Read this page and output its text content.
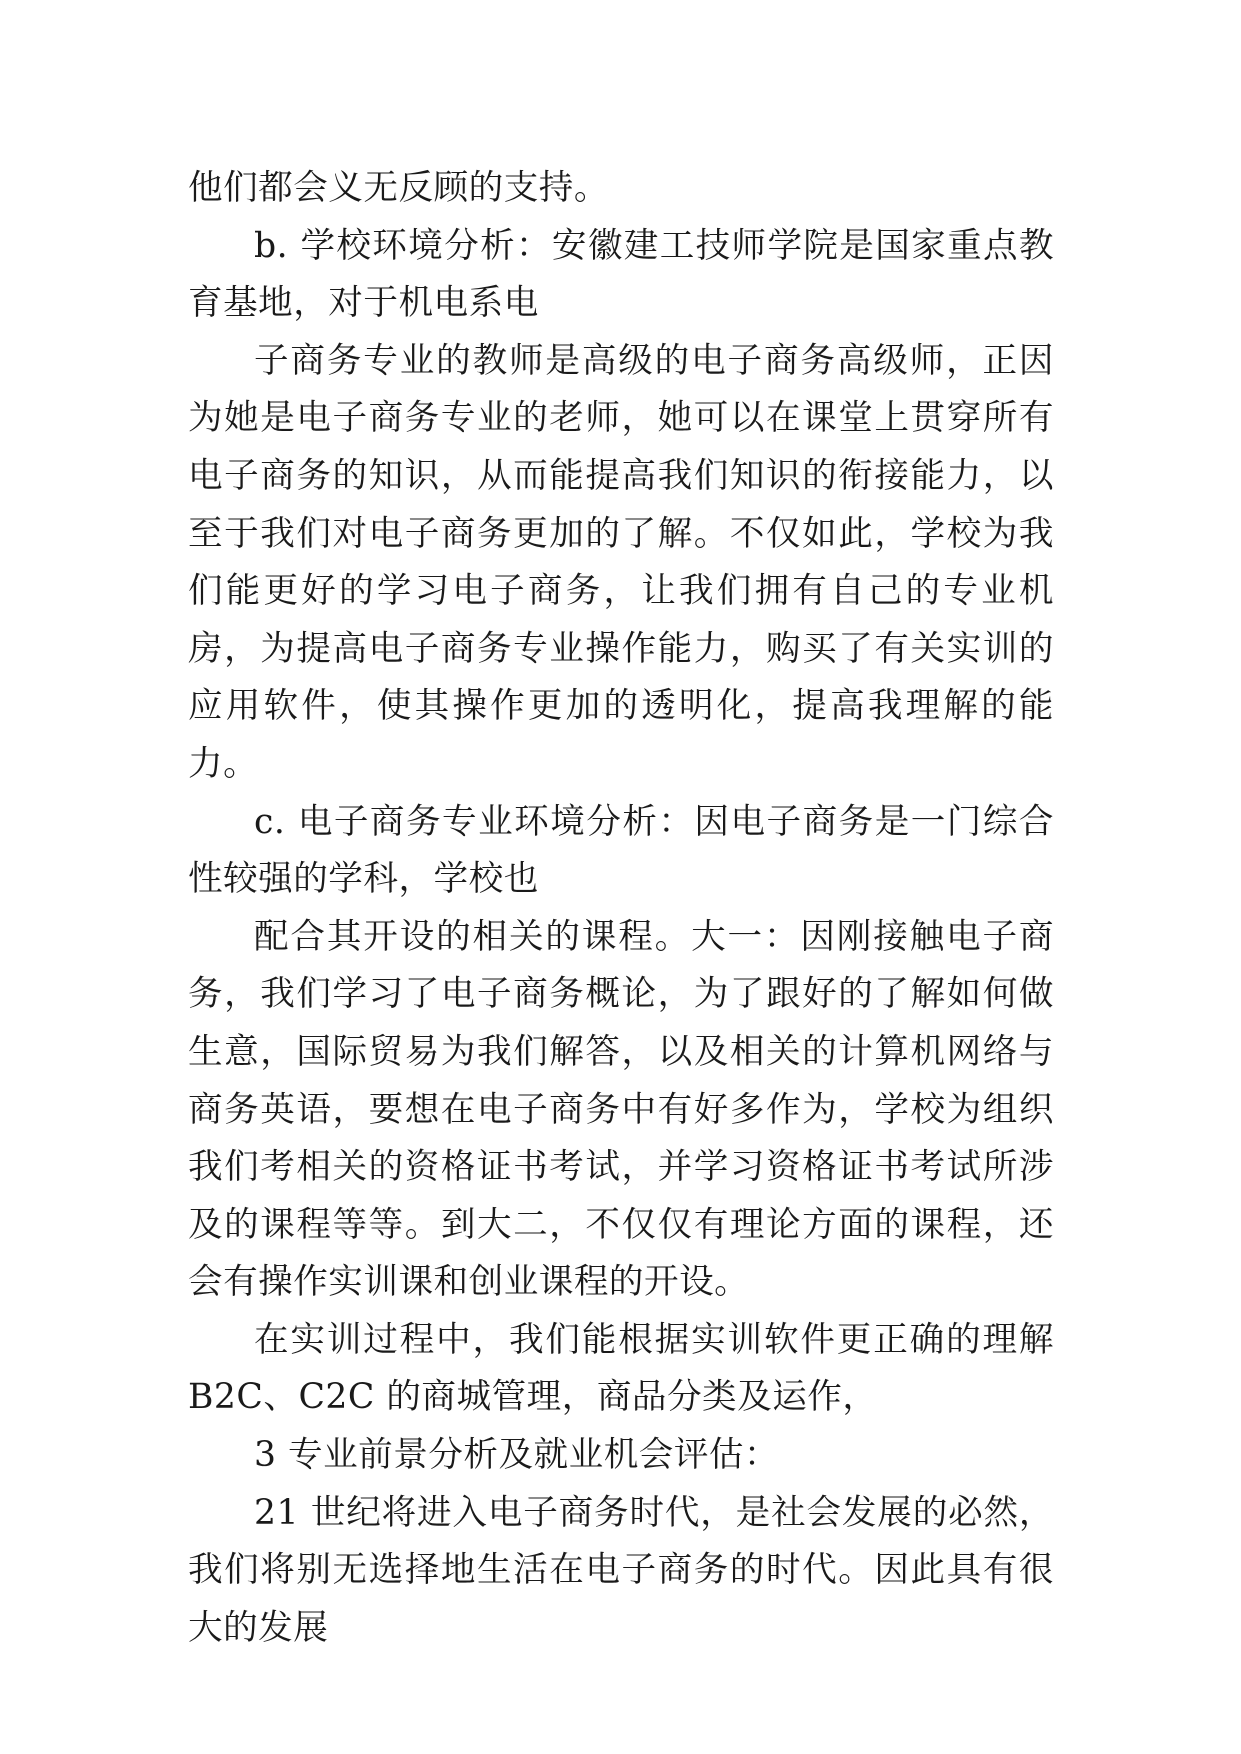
他们都会义无反顾的支持。

b. 学校环境分析：安徽建工技师学院是国家重点教育基地，对于机电系电

子商务专业的教师是高级的电子商务高级师，正因为她是电子商务专业的老师，她可以在课堂上贯穿所有电子商务的知识，从而能提高我们知识的衔接能力，以至于我们对电子商务更加的了解。不仅如此，学校为我们能更好的学习电子商务，让我们拥有自己的专业机房，为提高电子商务专业操作能力，购买了有关实训的应用软件，使其操作更加的透明化，提高我理解的能力。

c. 电子商务专业环境分析：因电子商务是一门综合性较强的学科，学校也

配合其开设的相关的课程。大一：因刚接触电子商务，我们学习了电子商务概论，为了跟好的了解如何做生意，国际贸易为我们解答，以及相关的计算机网络与商务英语，要想在电子商务中有好多作为，学校为组织我们考相关的资格证书考试，并学习资格证书考试所涉及的课程等等。到大二，不仅仅有理论方面的课程，还会有操作实训课和创业课程的开设。

在实训过程中，我们能根据实训软件更正确的理解 B2C、C2C 的商城管理，商品分类及运作，

3 专业前景分析及就业机会评估：

21 世纪将进入电子商务时代，是社会发展的必然，我们将别无选择地生活在电子商务的时代。因此具有很大的发展
